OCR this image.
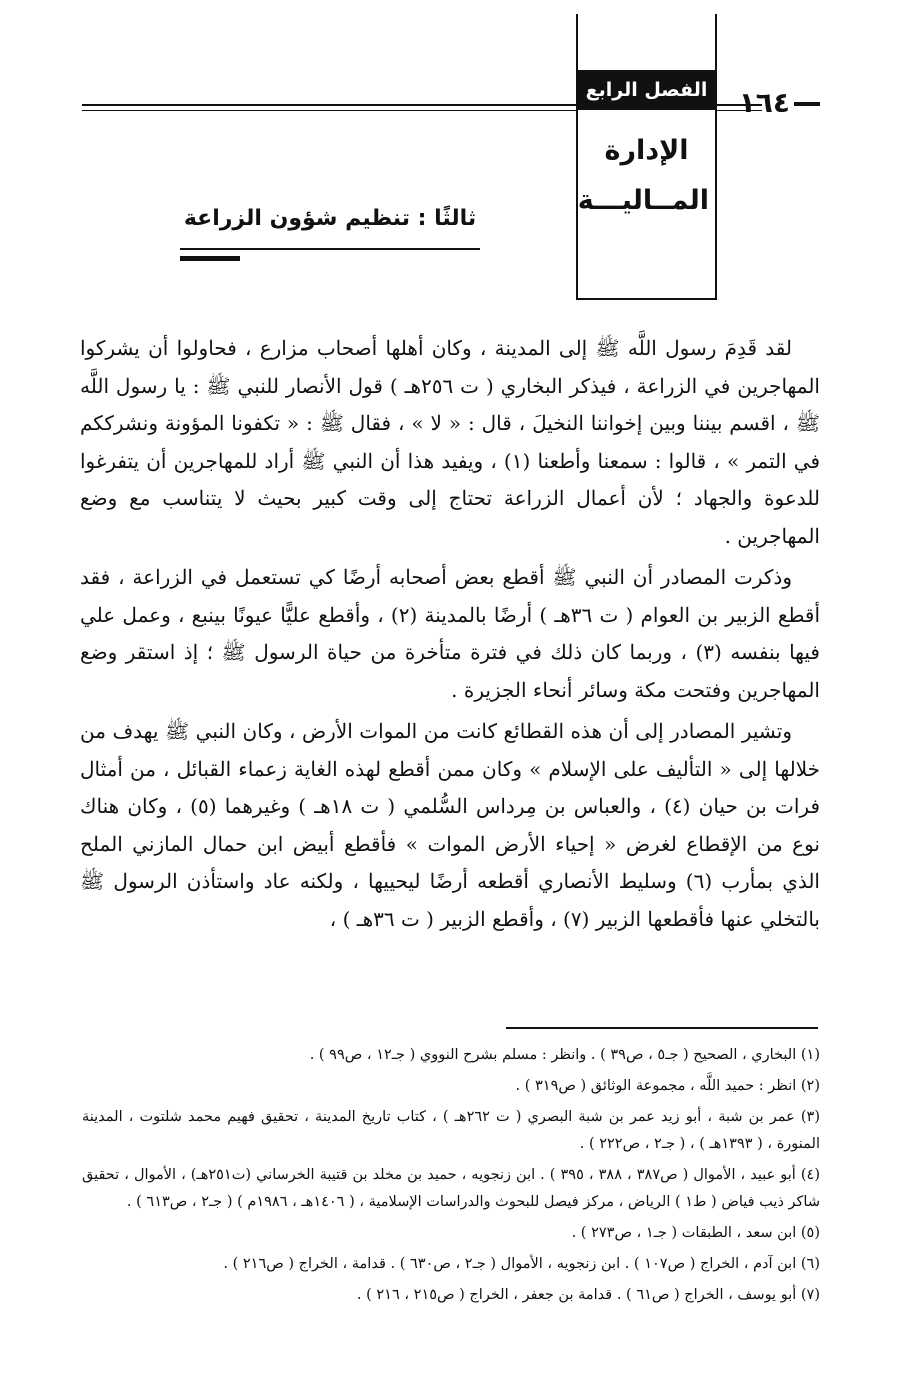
١٦٤
الفصل الرابع
الإدارة
المــاليـــة
ثالثًا : تنظيم شؤون الزراعة

لقد قَدِمَ رسول اللَّه ﷺ إلى المدينة ، وكان أهلها أصحاب مزارع ، فحاولوا أن يشركوا المهاجرين في الزراعة ، فيذكر البخاري ( ت ٢٥٦هـ ) قول الأنصار للنبي ﷺ : يا رسول اللَّه ﷺ ، اقسم بيننا وبين إخواننا النخيلَ ، قال : « لا » ، فقال ﷺ : « تكفونا المؤونة ونشرككم في التمر » ، قالوا : سمعنا وأطعنا (١) ، ويفيد هذا أن النبي ﷺ أراد للمهاجرين أن يتفرغوا للدعوة والجهاد ؛ لأن أعمال الزراعة تحتاج إلى وقت كبير بحيث لا يتناسب مع وضع المهاجرين .

وذكرت المصادر أن النبي ﷺ أقطع بعض أصحابه أرضًا كي تستعمل في الزراعة ، فقد أقطع الزبير بن العوام ( ت ٣٦هـ ) أرضًا بالمدينة (٢) ، وأقطع عليًّا عيونًا بينبع ، وعمل علي فيها بنفسه (٣) ، وربما كان ذلك في فترة متأخرة من حياة الرسول ﷺ ؛ إذ استقر وضع المهاجرين وفتحت مكة وسائر أنحاء الجزيرة .

وتشير المصادر إلى أن هذه القطائع كانت من الموات الأرض ، وكان النبي ﷺ يهدف من خلالها إلى « التأليف على الإسلام » وكان ممن أقطع لهذه الغاية زعماء القبائل ، من أمثال فرات بن حيان (٤) ، والعباس بن مِرداس السُّلمي ( ت ١٨هـ ) وغيرهما (٥) ، وكان هناك نوع من الإقطاع لغرض « إحياء الأرض الموات » فأقطع أبيض ابن حمال المازني الملح الذي بمأرب (٦) وسليط الأنصاري أقطعه أرضًا ليحييها ، ولكنه عاد واستأذن الرسول ﷺ بالتخلي عنها فأقطعها الزبير (٧) ، وأقطع الزبير ( ت ٣٦هـ ) ،

(١) البخاري ، الصحيح ( جـ٥ ، ص٣٩ ) . وانظر : مسلم بشرح النووي ( جـ١٢ ، ص٩٩ ) .
(٢) انظر : حميد اللَّه ، مجموعة الوثائق ( ص٣١٩ ) .
(٣) عمر بن شبة ، أبو زيد عمر بن شبة البصري ( ت ٢٦٢هـ ) ، كتاب تاريخ المدينة ، تحقيق فهيم محمد شلتوت ، المدينة المنورة ، ( ١٣٩٣هـ ) ، ( جـ٢ ، ص٢٢٢ ) .
(٤) أبو عبيد ، الأموال ( ص٣٨٧ ، ٣٨٨ ، ٣٩٥ ) . ابن زنجويه ، حميد بن مخلد بن قتيبة الخرساني (ت٢٥١هـ) ، الأموال ، تحقيق شاكر ذيب فياض ( ط١ ) الرياض ، مركز فيصل للبحوث والدراسات الإسلامية ، ( ١٤٠٦هـ ، ١٩٨٦م ) ( جـ٢ ، ص٦١٣ ) .
(٥) ابن سعد ، الطبقات ( جـ١ ، ص٢٧٣ ) .
(٦) ابن آدم ، الخراج ( ص١٠٧ ) . ابن زنجويه ، الأموال ( جـ٢ ، ص٦٣٠ ) . قدامة ، الخراج ( ص٢١٦ ) .
(٧) أبو يوسف ، الخراج ( ص٦١ ) . قدامة بن جعفر ، الخراج ( ص٢١٥ ، ٢١٦ ) .
